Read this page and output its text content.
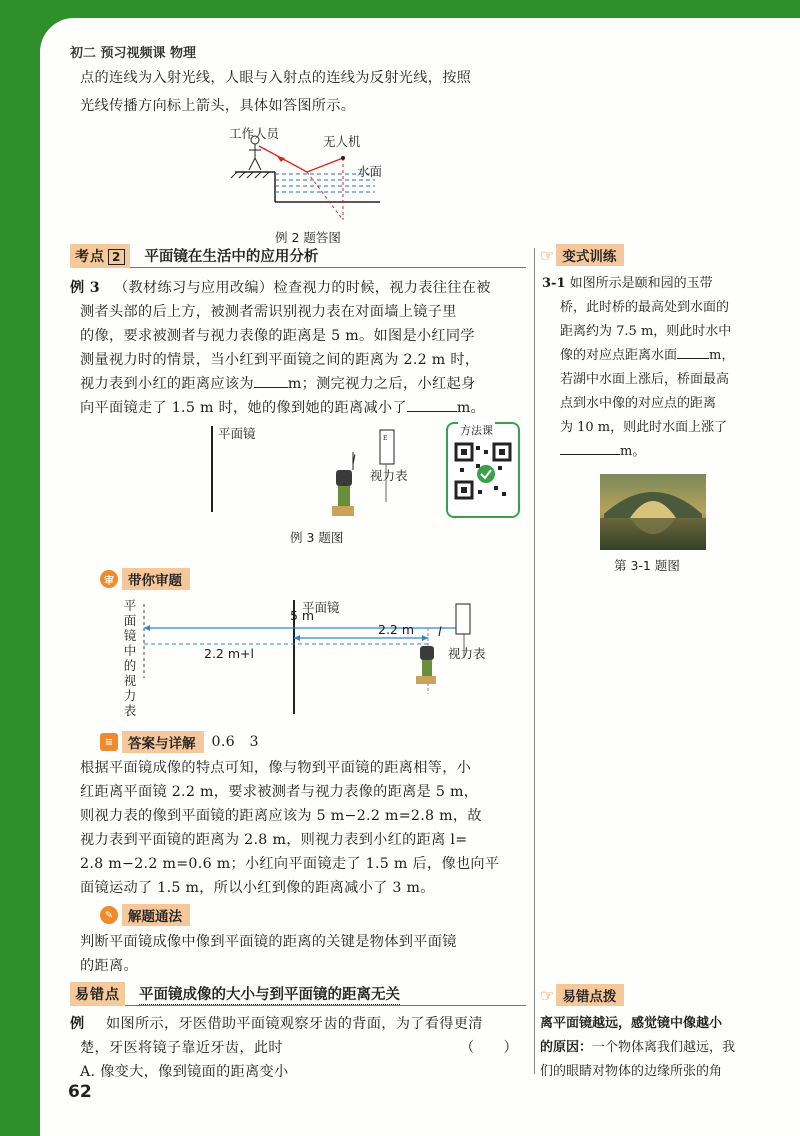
初二 预习视频课 物理
点的连线为入射光线，人眼与入射点的连线为反射光线，按照
光线传播方向标上箭头，具体如答图所示。
工作人员
无人机
水面
例 2 题答图
考点 2	平面镜在生活中的应用分析
例 3 （教材练习与应用改编）检查视力的时候，视力表往往在被
测者头部的后上方，被测者需识别视力表在对面墙上镜子里
的像，要求被测者与视力表像的距离是 5 m。如图是小红同学
测量视力时的情景，当小红到平面镜之间的距离为 2.2 m 时，
视力表到小红的距离应该为 m；测完视力之后，小红起身
向平面镜走了 1.5 m 时，她的像到她的距离减小了	m。
E
平面镜
l
视力表
例 3 题图
方法课
审	带你审题
平
面
镜
中
的
视
力
表
5 m
平面镜
2.2 m
2.2 m+l
l
视力表
≡	答案与详解	0.6　3
根据平面镜成像的特点可知，像与物到平面镜的距离相等，小
红距离平面镜 2.2 m，要求被测者与视力表像的距离是 5 m，
则视力表的像到平面镜的距离应该为 5 m−2.2 m=2.8 m，故
视力表到平面镜的距离为 2.8 m，则视力表到小红的距离 l=
2.8 m−2.2 m=0.6 m；小红向平面镜走了 1.5 m 后，像也向平
面镜运动了 1.5 m，所以小红到像的距离减小了 3 m。
✎	解题通法
判断平面镜成像中像到平面镜的距离的关键是物体到平面镜
的距离。
易错点	平面镜成像的大小与到平面镜的距离无关
例 如图所示，牙医借助平面镜观察牙齿的背面，为了看得更清
楚，牙医将镜子靠近牙齿，此时	（　　）
A. 像变大，像到镜面的距离变小
62
☞ 变式训练
3-1 如图所示是颐和园的玉带
桥，此时桥的最高处到水面的
距离约为 7.5 m，则此时水中
像的对应点距离水面 m，
若湖中水面上涨后，桥面最高
点到水中像的对应点的距离
为 10 m，则此时水面上涨了
m。
第 3-1 题图
☞ 易错点拨
离平面镜越远，感觉镜中像越小
的原因：一个物体离我们越远，我
们的眼睛对物体的边缘所张的角
